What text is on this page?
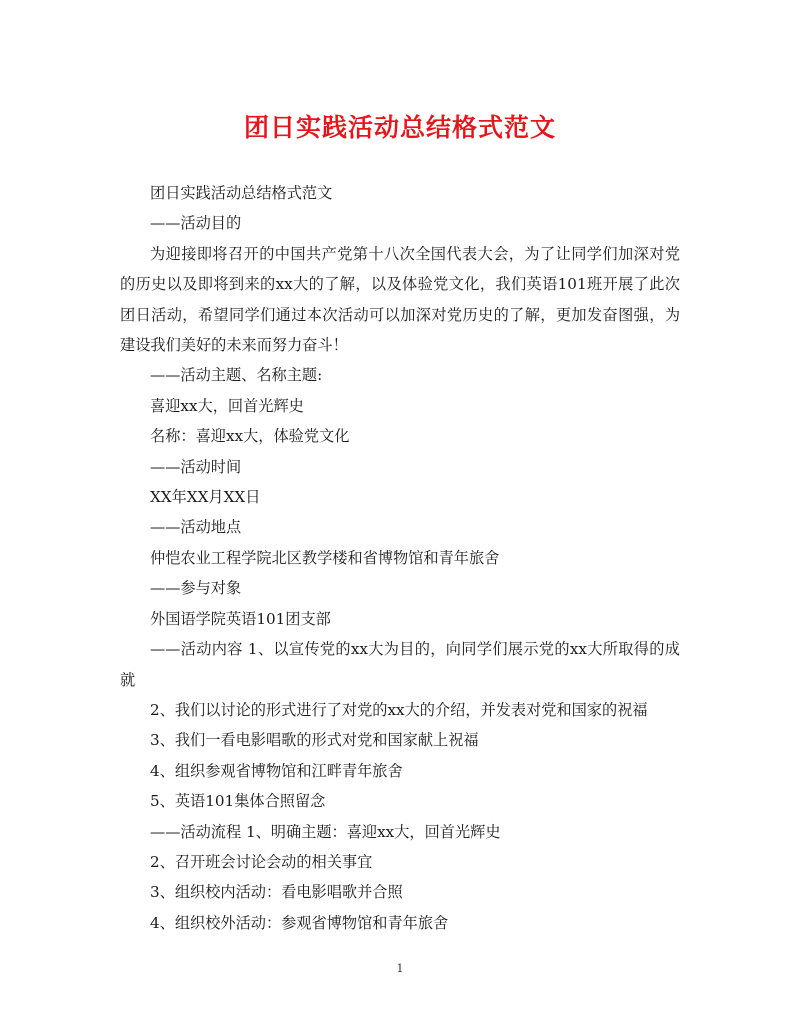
团日实践活动总结格式范文

团日实践活动总结格式范文

——活动目的

为迎接即将召开的中国共产党第十八次全国代表大会，为了让同学们加深对党的历史以及即将到来的xx大的了解，以及体验党文化，我们英语101班开展了此次团日活动，希望同学们通过本次活动可以加深对党历史的了解，更加发奋图强，为建设我们美好的未来而努力奋斗！

——活动主题、名称主题:

喜迎xx大，回首光辉史

名称：喜迎xx大，体验党文化

——活动时间

XX年XX月XX日

——活动地点

仲恺农业工程学院北区教学楼和省博物馆和青年旅舍

——参与对象

外国语学院英语101团支部

——活动内容 1、以宣传党的xx大为目的，向同学们展示党的xx大所取得的成就

2、我们以讨论的形式进行了对党的xx大的介绍，并发表对党和国家的祝福

3、我们一看电影唱歌的形式对党和国家献上祝福

4、组织参观省博物馆和江畔青年旅舍

5、英语101集体合照留念

——活动流程 1、明确主题：喜迎xx大，回首光辉史

2、召开班会讨论会动的相关事宜

3、组织校内活动：看电影唱歌并合照

4、组织校外活动：参观省博物馆和青年旅舍

1
